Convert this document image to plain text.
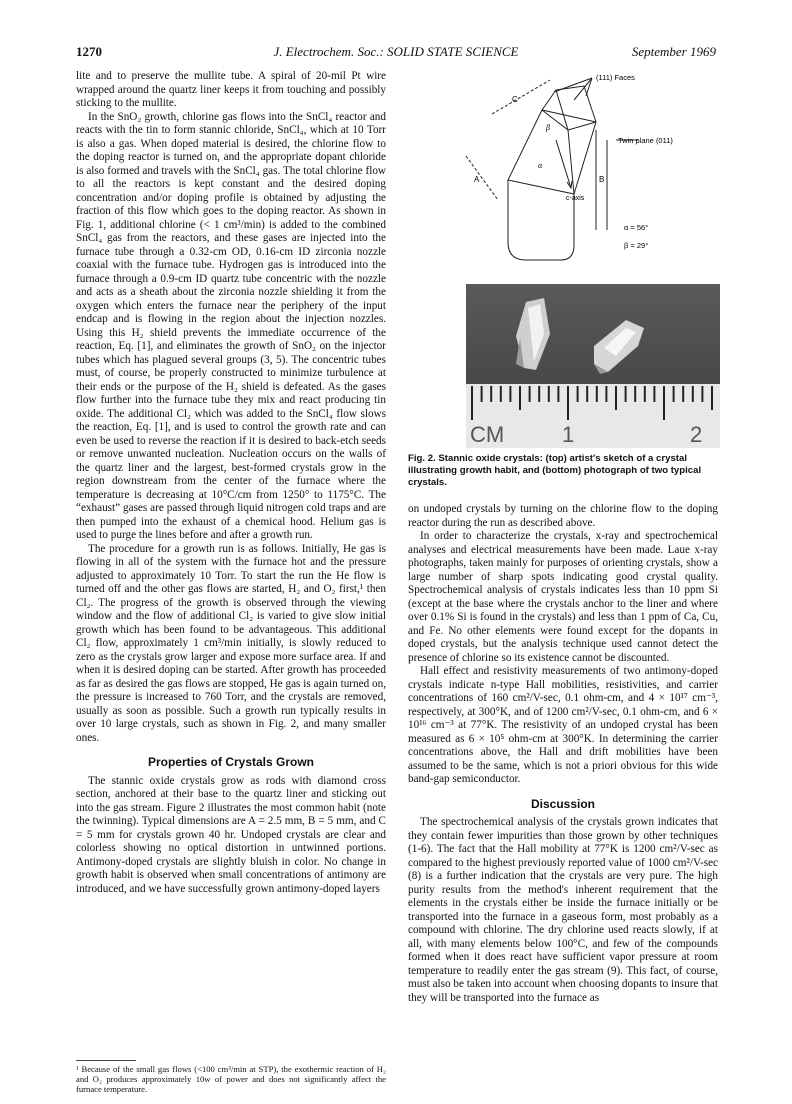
1270	J. Electrochem. Soc.: SOLID STATE SCIENCE	September 1969

lite and to preserve the mullite tube. A spiral of 20-mil Pt wire wrapped around the quartz liner keeps it from touching and possibly sticking to the mullite.

In the SnO₂ growth, chlorine gas flows into the SnCl₄ reactor and reacts with the tin to form stannic chloride, SnCl₄, which at 10 Torr is also a gas. When doped material is desired, the chlorine flow to the doping reactor is turned on, and the appropriate dopant chloride is also formed and travels with the SnCl₄ gas. The total chlorine flow to all the reactors is kept constant and the desired doping concentration and/or doping profile is obtained by adjusting the fraction of this flow which goes to the doping reactor. As shown in Fig. 1, additional chlorine (< 1 cm³/min) is added to the combined SnCl₄ gas from the reactors, and these gases are injected into the furnace tube through a 0.32-cm OD, 0.16-cm ID zirconia nozzle coaxial with the furnace tube. Hydrogen gas is introduced into the furnace through a 0.9-cm ID quartz tube concentric with the nozzle and acts as a sheath about the zirconia nozzle shielding it from the oxygen which enters the furnace near the periphery of the input endcap and is flowing in the region about the injection nozzles. Using this H₂ shield prevents the immediate occurrence of the reaction, Eq. [1], and eliminates the growth of SnO₂ on the injector tubes which has plagued several groups (3, 5). The concentric tubes must, of course, be properly constructed to minimize turbulence at their ends or the purpose of the H₂ shield is defeated. As the gases flow further into the furnace tube they mix and react producing tin oxide. The additional Cl₂ which was added to the SnCl₄ flow slows the reaction, Eq. [1], and is used to control the growth rate and can even be used to reverse the reaction if it is desired to back-etch seeds or remove unwanted nucleation. Nucleation occurs on the walls of the quartz liner and the largest, best-formed crystals grow in the region downstream from the center of the furnace where the temperature is decreasing at 10°C/cm from 1250° to 1175°C. The “exhaust” gases are passed through liquid nitrogen cold traps and are then pumped into the exhaust of a chemical hood. Helium gas is used to purge the lines before and after a growth run.

The procedure for a growth run is as follows. Initially, He gas is flowing in all of the system with the furnace hot and the pressure adjusted to approximately 10 Torr. To start the run the He flow is turned off and the other gas flows are started, H₂ and O₂ first,¹ then Cl₂. The progress of the growth is observed through the viewing window and the flow of additional Cl₂ is varied to give slow initial growth which has been found to be advantageous. This additional Cl₂ flow, approximately 1 cm³/min initially, is slowly reduced to zero as the crystals grow larger and expose more surface area. If and when it is desired doping can be started. After growth has proceeded as far as desired the gas flows are stopped, He gas is again turned on, the pressure is increased to 760 Torr, and the crystals are removed, usually as soon as possible. Such a growth run typically results in over 10 large crystals, such as shown in Fig. 2, and many smaller ones.

Properties of Crystals Grown

The stannic oxide crystals grow as rods with diamond cross section, anchored at their base to the quartz liner and sticking out into the gas stream. Figure 2 illustrates the most common habit (note the twinning). Typical dimensions are A = 2.5 mm, B = 5 mm, and C = 5 mm for crystals grown 40 hr. Undoped crystals are clear and colorless showing no optical distortion in untwinned portions. Antimony-doped crystals are slightly bluish in color. No change in growth habit is observed when small concentrations of antimony are introduced, and we have successfully grown antimony-doped layers

¹ Because of the small gas flows (<100 cm³/min at STP), the exothermic reaction of H₂ and O₂ produces approximately 10w of power and does not significantly affect the furnace temperature.
(111) Faces
Twin plane (011)
c-axis
A	B
C
α
β
α = 56°
β = 29°
CM	1	2
Fig. 2. Stannic oxide crystals: (top) artist's sketch of a crystal illustrating growth habit, and (bottom) photograph of two typical crystals.

on undoped crystals by turning on the chlorine flow to the doping reactor during the run as described above.

In order to characterize the crystals, x-ray and spectrochemical analyses and electrical measurements have been made. Laue x-ray photographs, taken mainly for purposes of orienting crystals, show a large number of sharp spots indicating good crystal quality. Spectrochemical analysis of crystals indicates less than 10 ppm Si (except at the base where the crystals anchor to the liner and where over 0.1% Si is found in the crystals) and less than 1 ppm of Ca, Cu, and Fe. No other elements were found except for the dopants in doped crystals, but the analysis technique used cannot detect the presence of chlorine so its existence cannot be discounted.

Hall effect and resistivity measurements of two antimony-doped crystals indicate n-type Hall mobilities, resistivities, and carrier concentrations of 160 cm²/V-sec, 0.1 ohm-cm, and 4 × 10¹⁷ cm⁻³, respectively, at 300°K, and of 1200 cm²/V-sec, 0.1 ohm-cm, and 6 × 10¹⁶ cm⁻³ at 77°K. The resistivity of an undoped crystal has been measured as 6 × 10⁵ ohm-cm at 300°K. In determining the carrier concentrations above, the Hall and drift mobilities have been assumed to be the same, which is not a priori obvious for this wide band-gap semiconductor.

Discussion

The spectrochemical analysis of the crystals grown indicates that they contain fewer impurities than those grown by other techniques (1-6). The fact that the Hall mobility at 77°K is 1200 cm²/V-sec as compared to the highest previously reported value of 1000 cm²/V-sec (8) is a further indication that the crystals are very pure. The high purity results from the method's inherent requirement that the elements in the crystals either be inside the furnace initially or be transported into the furnace in a gaseous form, most probably as a compound with chlorine. The dry chlorine used reacts slowly, if at all, with many elements below 100°C, and few of the compounds formed when it does react have sufficient vapor pressure at room temperature to readily enter the gas stream (9). This fact, of course, must also be taken into account when choosing dopants to insure that they will be transported into the furnace as
